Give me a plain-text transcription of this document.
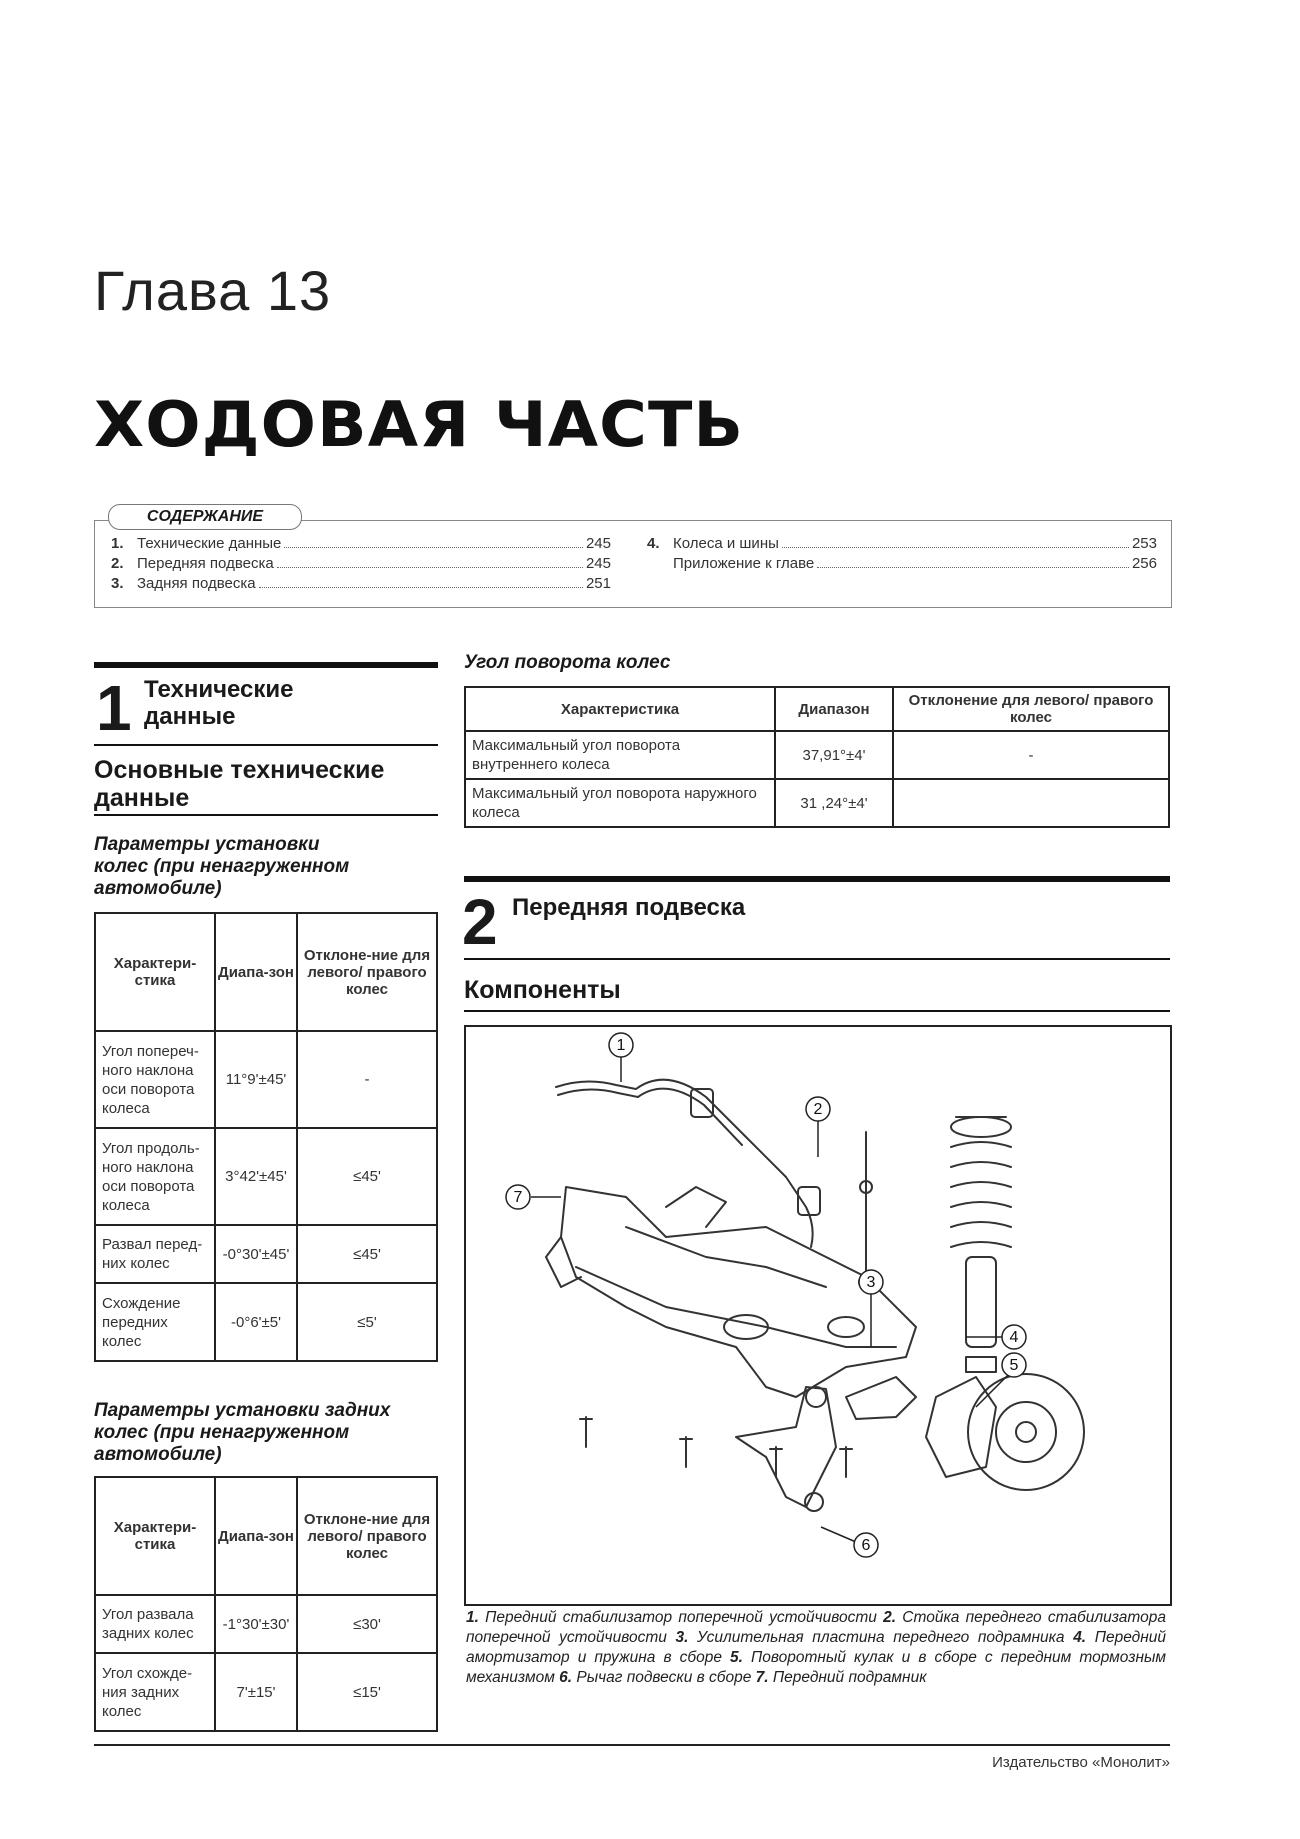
Глава 13
ХОДОВАЯ ЧАСТЬ
1. Технические данные	245
2. Передняя подвеска	245
3. Задняя подвеска	251
4. Колеса и шины	253
Приложение к главе	256
СОДЕРЖАНИЕ
1 Технические
данные
Основные технические
данные
Параметры установки
колес (при ненагруженном
автомобиле)
Характери-стика	Диапа-зон	Отклоне-ние для левого/ правого колес
Угол попереч-ного наклона оси поворота колеса	11°9'±45'	-
Угол продоль-ного наклона оси поворота колеса	3°42'±45'	≤45'
Развал перед-них колес	-0°30'±45'	≤45'
Схождение передних колес	-0°6'±5'	≤5'
Параметры установки задних
колес (при ненагруженном
автомобиле)
Характери-стика	Диапа-зон	Отклоне-ние для левого/ правого колес
Угол развала задних колес	-1°30'±30'	≤30'
Угол схожде-ния задних колес	7'±15'	≤15'
Угол поворота колес
Характеристика	Диапазон	Отклонение для левого/ правого колес
Максимальный угол поворота внутреннего колеса	37,91°±4'	-
Максимальный угол поворота наружного колеса	31 ,24°±4'	
2 Передняя подвеска
Компоненты
1
2
3
4
5
6
7
1. Передний стабилизатор поперечной устойчивости 2. Стойка переднего стабилизатора поперечной устойчивости 3. Усилительная пластина переднего подрамника 4. Передний амортизатор и пружина в сборе 5. Поворотный кулак и в сборе с передним тормозным механизмом 6. Рычаг подвески в сборе 7. Передний подрамник
Издательство «Монолит»
